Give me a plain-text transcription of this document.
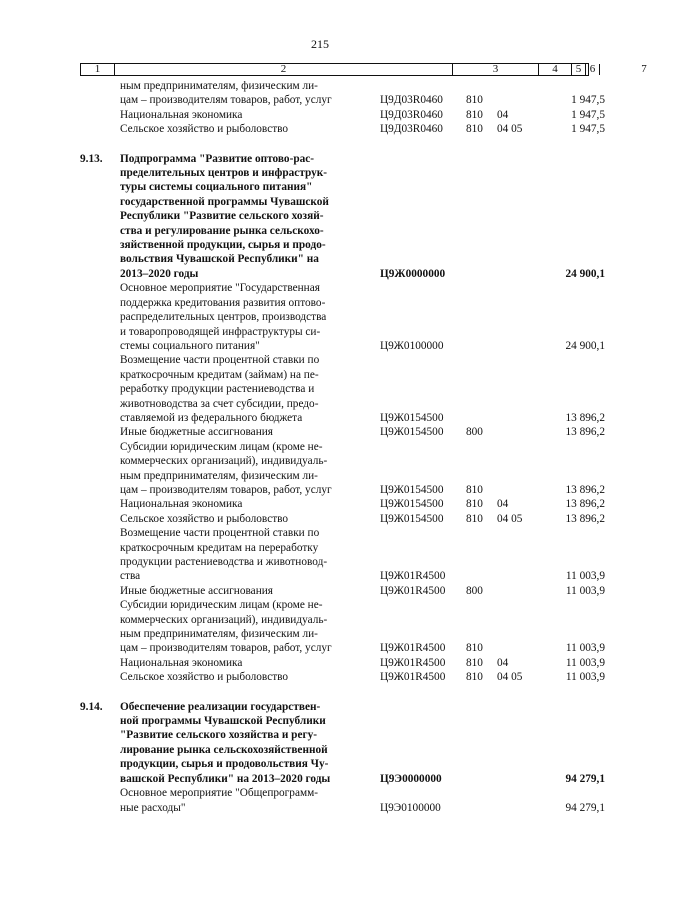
215
1	2	3	4	5 6	7
ным предпринимателям, физическим ли-
цам – производителям товаров, работ, услуг	Ц9Д03R0460 810	1 947,5
Национальная экономика	Ц9Д03R0460 810 04	1 947,5
Сельское хозяйство и рыболовство	Ц9Д03R0460 810 04 05	1 947,5
9.13.	Подпрограмма "Развитие оптово-рас-
пределительных центров и инфраструк-
туры системы социального питания"
государственной программы Чувашской
Республики "Развитие сельского хозяй-
ства и регулирование рынка сельскохо-
зяйственной продукции, сырья и продо-
вольствия Чувашской Республики" на
2013–2020 годы	Ц9Ж0000000	24 900,1
Основное мероприятие "Государственная
поддержка кредитования развития оптово-
распределительных центров, производства
и товаропроводящей инфраструктуры си-
стемы социального питания"	Ц9Ж0100000	24 900,1
Возмещение части процентной ставки по
краткосрочным кредитам (займам) на пе-
реработку продукции растениеводства и
животноводства за счет субсидии, предо-
ставляемой из федерального бюджета	Ц9Ж0154500	13 896,2
Иные бюджетные ассигнования	Ц9Ж0154500 800	13 896,2
Субсидии юридическим лицам (кроме не-
коммерческих организаций), индивидуаль-
ным предпринимателям, физическим ли-
цам – производителям товаров, работ, услуг	Ц9Ж0154500 810	13 896,2
Национальная экономика	Ц9Ж0154500 810 04	13 896,2
Сельское хозяйство и рыболовство	Ц9Ж0154500 810 04 05	13 896,2
Возмещение части процентной ставки по
краткосрочным кредитам на переработку
продукции растениеводства и животновод-
ства	Ц9Ж01R4500	11 003,9
Иные бюджетные ассигнования	Ц9Ж01R4500 800	11 003,9
Субсидии юридическим лицам (кроме не-
коммерческих организаций), индивидуаль-
ным предпринимателям, физическим ли-
цам – производителям товаров, работ, услуг	Ц9Ж01R4500 810	11 003,9
Национальная экономика	Ц9Ж01R4500 810 04	11 003,9
Сельское хозяйство и рыболовство	Ц9Ж01R4500 810 04 05	11 003,9
9.14.	Обеспечение реализации государствен-
ной программы Чувашской Республики
"Развитие сельского хозяйства и регу-
лирование рынка сельскохозяйственной
продукции, сырья и продовольствия Чу-
вашской Республики" на 2013–2020 годы	Ц9Э0000000	94 279,1
Основное мероприятие "Общепрограмм-
ные расходы"	Ц9Э0100000	94 279,1
